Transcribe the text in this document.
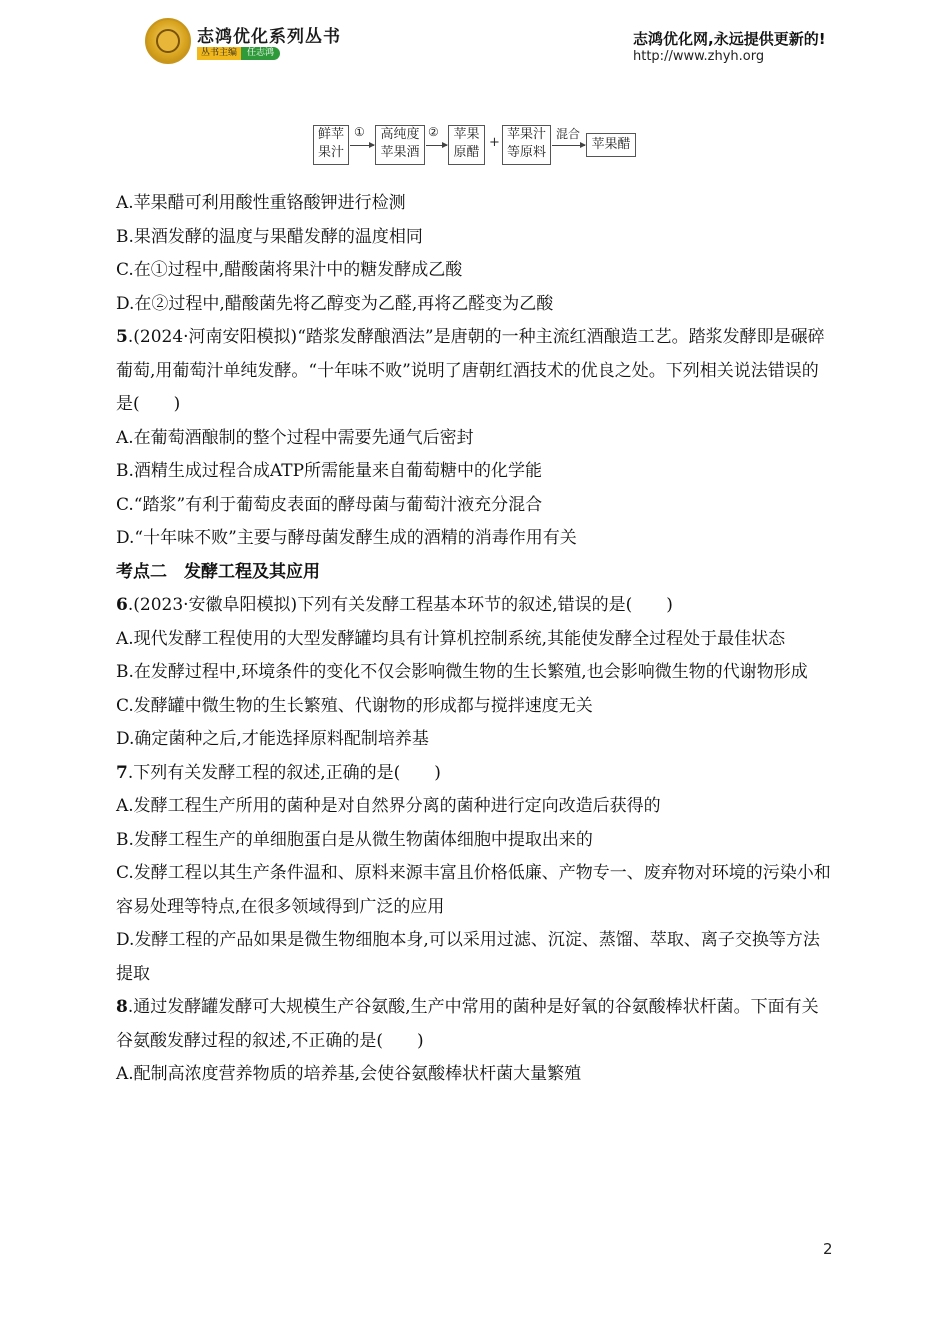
志鸿优化系列丛书
丛书主编 任志鸿
志鸿优化网,永远提供更新的!
http://www.zhyh.org
鲜苹
果汁
①	高纯度
苹果酒
②	苹果
原醋
+
苹果汁
等原料
混合
苹果醋

A.苹果醋可利用酸性重铬酸钾进行检测

B.果酒发酵的温度与果醋发酵的温度相同

C.在①过程中,醋酸菌将果汁中的糖发酵成乙酸

D.在②过程中,醋酸菌先将乙醇变为乙醛,再将乙醛变为乙酸

5.(2024·河南安阳模拟)“踏浆发酵酿酒法”是唐朝的一种主流红酒酿造工艺。踏浆发酵即是碾碎葡萄,用葡萄汁单纯发酵。“十年味不败”说明了唐朝红酒技术的优良之处。下列相关说法错误的是(　　)

A.在葡萄酒酿制的整个过程中需要先通气后密封

B.酒精生成过程合成ATP所需能量来自葡萄糖中的化学能

C.“踏浆”有利于葡萄皮表面的酵母菌与葡萄汁液充分混合

D.“十年味不败”主要与酵母菌发酵生成的酒精的消毒作用有关

考点二　发酵工程及其应用

6.(2023·安徽阜阳模拟)下列有关发酵工程基本环节的叙述,错误的是(　　)

A.现代发酵工程使用的大型发酵罐均具有计算机控制系统,其能使发酵全过程处于最佳状态

B.在发酵过程中,环境条件的变化不仅会影响微生物的生长繁殖,也会影响微生物的代谢物形成

C.发酵罐中微生物的生长繁殖、代谢物的形成都与搅拌速度无关

D.确定菌种之后,才能选择原料配制培养基

7.下列有关发酵工程的叙述,正确的是(　　)

A.发酵工程生产所用的菌种是对自然界分离的菌种进行定向改造后获得的

B.发酵工程生产的单细胞蛋白是从微生物菌体细胞中提取出来的

C.发酵工程以其生产条件温和、原料来源丰富且价格低廉、产物专一、废弃物对环境的污染小和容易处理等特点,在很多领域得到广泛的应用

D.发酵工程的产品如果是微生物细胞本身,可以采用过滤、沉淀、蒸馏、萃取、离子交换等方法提取

8.通过发酵罐发酵可大规模生产谷氨酸,生产中常用的菌种是好氧的谷氨酸棒状杆菌。下面有关谷氨酸发酵过程的叙述,不正确的是(　　)

A.配制高浓度营养物质的培养基,会使谷氨酸棒状杆菌大量繁殖

2
